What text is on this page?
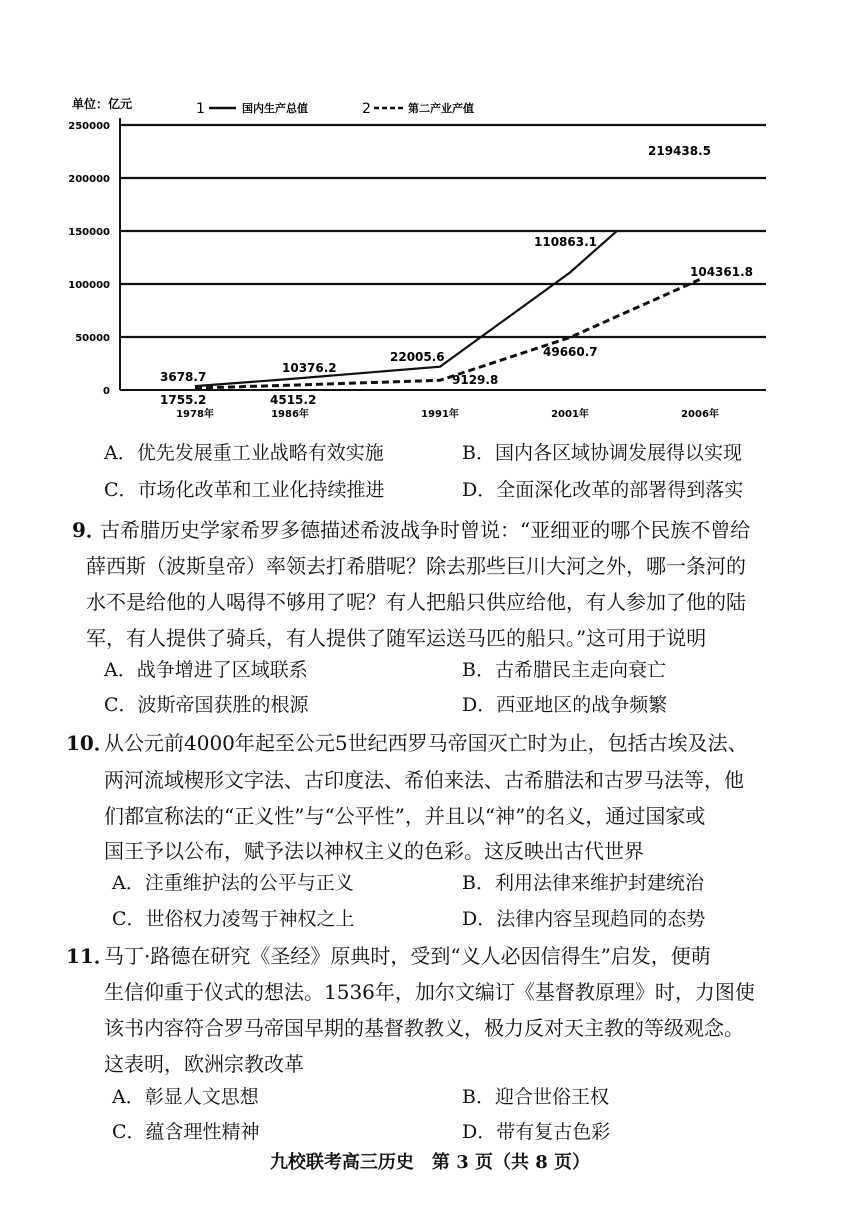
单位：亿元	1	国内生产总值	2	第二产业产值
250000
200000
150000
100000
50000
0
1978年	1986年	1991年	2001年	2006年
3678.7
10376.2
22005.6
110863.1
219438.5
1755.2	4515.2
9129.8
49660.7
104361.8
A．优先发展重工业战略有效实施	B．国内各区域协调发展得以实现
C．市场化改革和工业化持续推进	D．全面深化改革的部署得到落实
9．
古希腊历史学家希罗多德描述希波战争时曾说：“亚细亚的哪个民族不曾给
薛西斯（波斯皇帝）率领去打希腊呢？除去那些巨川大河之外，哪一条河的
水不是给他的人喝得不够用了呢？有人把船只供应给他，有人参加了他的陆
军，有人提供了骑兵，有人提供了随军运送马匹的船只。”这可用于说明
A．战争增进了区域联系	B．古希腊民主走向衰亡
C．波斯帝国获胜的根源	D．西亚地区的战争频繁
10．
从公元前4000年起至公元5世纪西罗马帝国灭亡时为止，包括古埃及法、
两河流域楔形文字法、古印度法、希伯来法、古希腊法和古罗马法等，他
们都宣称法的“正义性”与“公平性”，并且以“神”的名义，通过国家或
国王予以公布，赋予法以神权主义的色彩。这反映出古代世界
A．注重维护法的公平与正义	B．利用法律来维护封建统治
C．世俗权力凌驾于神权之上	D．法律内容呈现趋同的态势
11．
马丁·路德在研究《圣经》原典时，受到“义人必因信得生”启发，便萌
生信仰重于仪式的想法。1536年，加尔文编订《基督教原理》时，力图使
该书内容符合罗马帝国早期的基督教教义，极力反对天主教的等级观念。
这表明，欧洲宗教改革
A．彰显人文思想	B．迎合世俗王权
C．蕴含理性精神	D．带有复古色彩
九校联考高三历史　第 3 页（共 8 页）
